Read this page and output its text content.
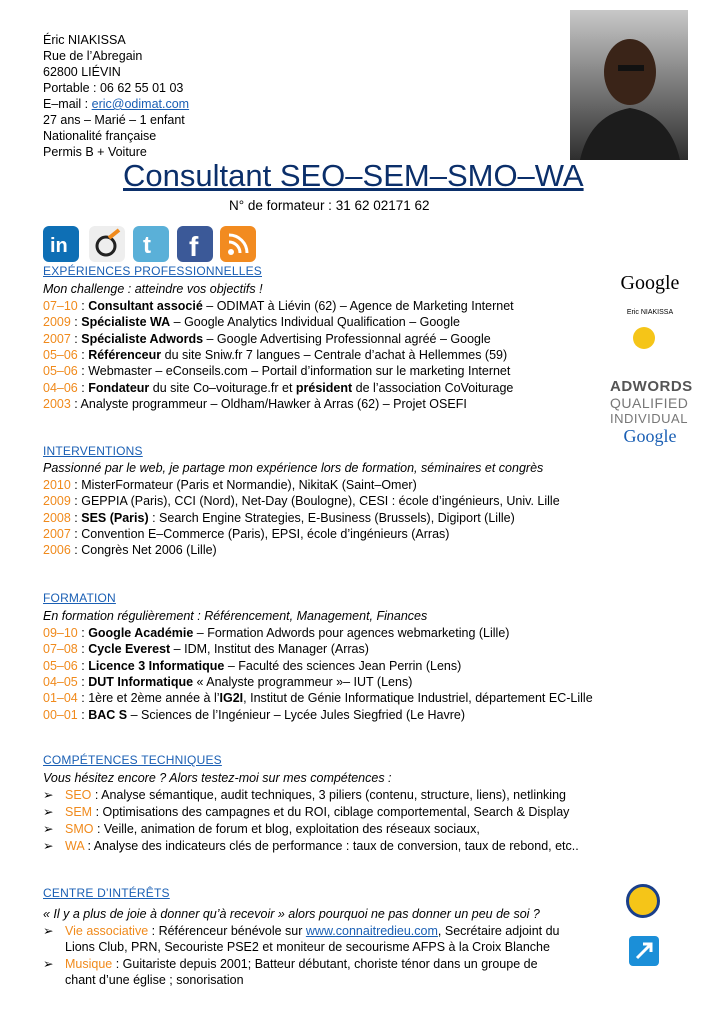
Éric NIAKISSA
Rue de l’Abregain
62800 LIÉVIN
Portable : 06 62 55 01 03
E–mail : eric@odimat.com
27 ans – Marié – 1 enfant
Nationalité française
Permis B + Voiture
Consultant SEO–SEM–SMO–WA
N° de formateur : 31 62 02171 62
in	t f
Google
Eric NIAKISSA
ADWORDS
QUALIFIED
INDIVIDUAL
Google
EXPÉRIENCES PROFESSIONNELLES
Mon challenge : atteindre vos objectifs !
07–10 : Consultant associé – ODIMAT à Liévin (62) – Agence de Marketing Internet
2009 : Spécialiste WA – Google Analytics Individual Qualification – Google
2007 : Spécialiste Adwords – Google Advertising Professionnal agréé – Google
05–06 : Référenceur du site Sniw.fr 7 langues – Centrale d’achat à Hellemmes (59)
05–06 : Webmaster – eConseils.com – Portail d’information sur le marketing Internet
04–06 : Fondateur du site Co–voiturage.fr et président de l’association CoVoiturage
2003 : Analyste programmeur – Oldham/Hawker à Arras (62) – Projet OSEFI
INTERVENTIONS
Passionné par le web, je partage mon expérience lors de formation, séminaires et congrès
2010 : MisterFormateur (Paris et Normandie), NikitaK (Saint–Omer)
2009 : GEPPIA (Paris), CCI (Nord), Net-Day (Boulogne), CESI : école d’ingénieurs, Univ. Lille
2008 : SES (Paris) : Search Engine Strategies, E-Business (Brussels), Digiport (Lille)
2007 : Convention E–Commerce (Paris), EPSI, école d’ingénieurs (Arras)
2006 : Congrès Net 2006 (Lille)
FORMATION
En formation régulièrement : Référencement, Management, Finances
09–10 : Google Académie – Formation Adwords pour agences webmarketing (Lille)
07–08 : Cycle Everest – IDM, Institut des Manager (Arras)
05–06 : Licence 3 Informatique – Faculté des sciences Jean Perrin (Lens)
04–05 : DUT Informatique « Analyste programmeur »– IUT (Lens)
01–04 : 1ère et 2ème année à l’IG2I, Institut de Génie Informatique Industriel, département EC-Lille
00–01 : BAC S – Sciences de l’Ingénieur – Lycée Jules Siegfried (Le Havre)
COMPÉTENCES TECHNIQUES
Vous hésitez encore ? Alors testez-moi sur mes compétences :
➢ SEO : Analyse sémantique, audit techniques, 3 piliers (contenu, structure, liens), netlinking
➢ SEM : Optimisations des campagnes et du ROI, ciblage comportemental, Search & Display
➢ SMO : Veille, animation de forum et blog, exploitation des réseaux sociaux,
➢ WA : Analyse des indicateurs clés de performance : taux de conversion, taux de rebond, etc..
CENTRE D’INTÉRÊTS
« Il y a plus de joie à donner qu’à recevoir » alors pourquoi ne pas donner un peu de soi ?
➢ Vie associative : Référenceur bénévole sur www.connaitredieu.com, Secrétaire adjoint du
Lions Club, PRN, Secouriste PSE2 et moniteur de secourisme AFPS à la Croix Blanche
➢ Musique : Guitariste depuis 2001; Batteur débutant, choriste ténor dans un groupe de
chant d’une église ; sonorisation
